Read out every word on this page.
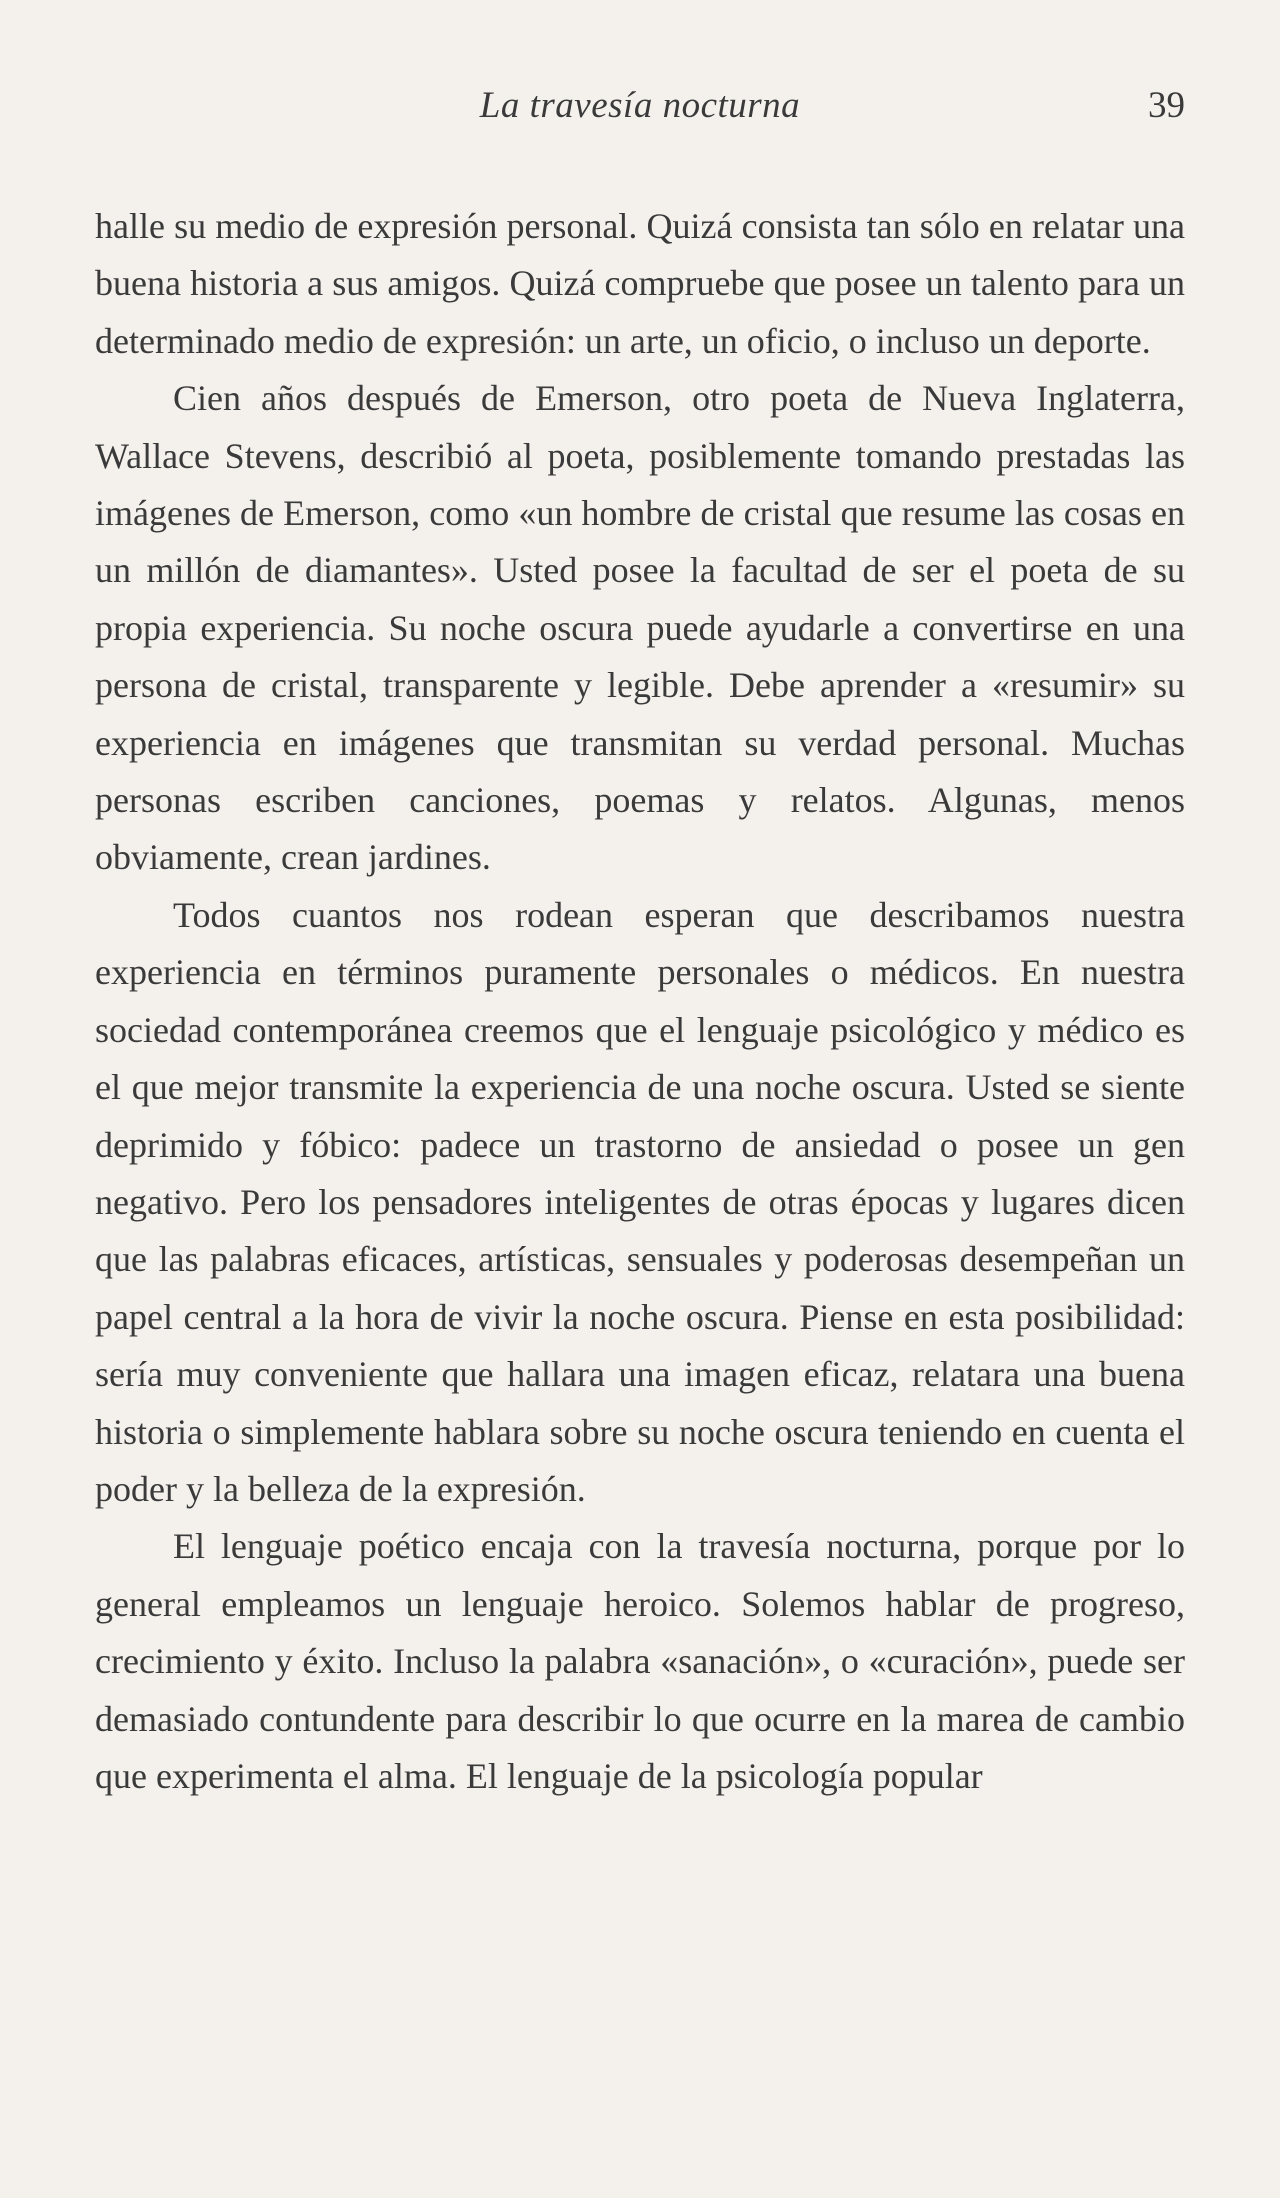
La travesía nocturna	39

halle su medio de expresión personal. Quizá consista tan sólo en relatar una buena historia a sus amigos. Quizá compruebe que posee un talento para un determinado medio de expresión: un arte, un oficio, o incluso un deporte.

Cien años después de Emerson, otro poeta de Nueva Inglaterra, Wallace Stevens, describió al poeta, posiblemente tomando prestadas las imágenes de Emerson, como «un hombre de cristal que resume las cosas en un millón de diamantes». Usted posee la facultad de ser el poeta de su propia experiencia. Su noche oscura puede ayudarle a convertirse en una persona de cristal, transparente y legible. Debe aprender a «resumir» su experiencia en imágenes que transmitan su verdad personal. Muchas personas escriben canciones, poemas y relatos. Algunas, menos obviamente, crean jardines.

Todos cuantos nos rodean esperan que describamos nuestra experiencia en términos puramente personales o médicos. En nuestra sociedad contemporánea creemos que el lenguaje psicológico y médico es el que mejor transmite la experiencia de una noche oscura. Usted se siente deprimido y fóbico: padece un trastorno de ansiedad o posee un gen negativo. Pero los pensadores inteligentes de otras épocas y lugares dicen que las palabras eficaces, artísticas, sensuales y poderosas desempeñan un papel central a la hora de vivir la noche oscura. Piense en esta posibilidad: sería muy conveniente que hallara una imagen eficaz, relatara una buena historia o simplemente hablara sobre su noche oscura teniendo en cuenta el poder y la belleza de la expresión.

El lenguaje poético encaja con la travesía nocturna, porque por lo general empleamos un lenguaje heroico. Solemos hablar de progreso, crecimiento y éxito. Incluso la palabra «sanación», o «curación», puede ser demasiado contundente para describir lo que ocurre en la marea de cambio que experimenta el alma. El lenguaje de la psicología popular
